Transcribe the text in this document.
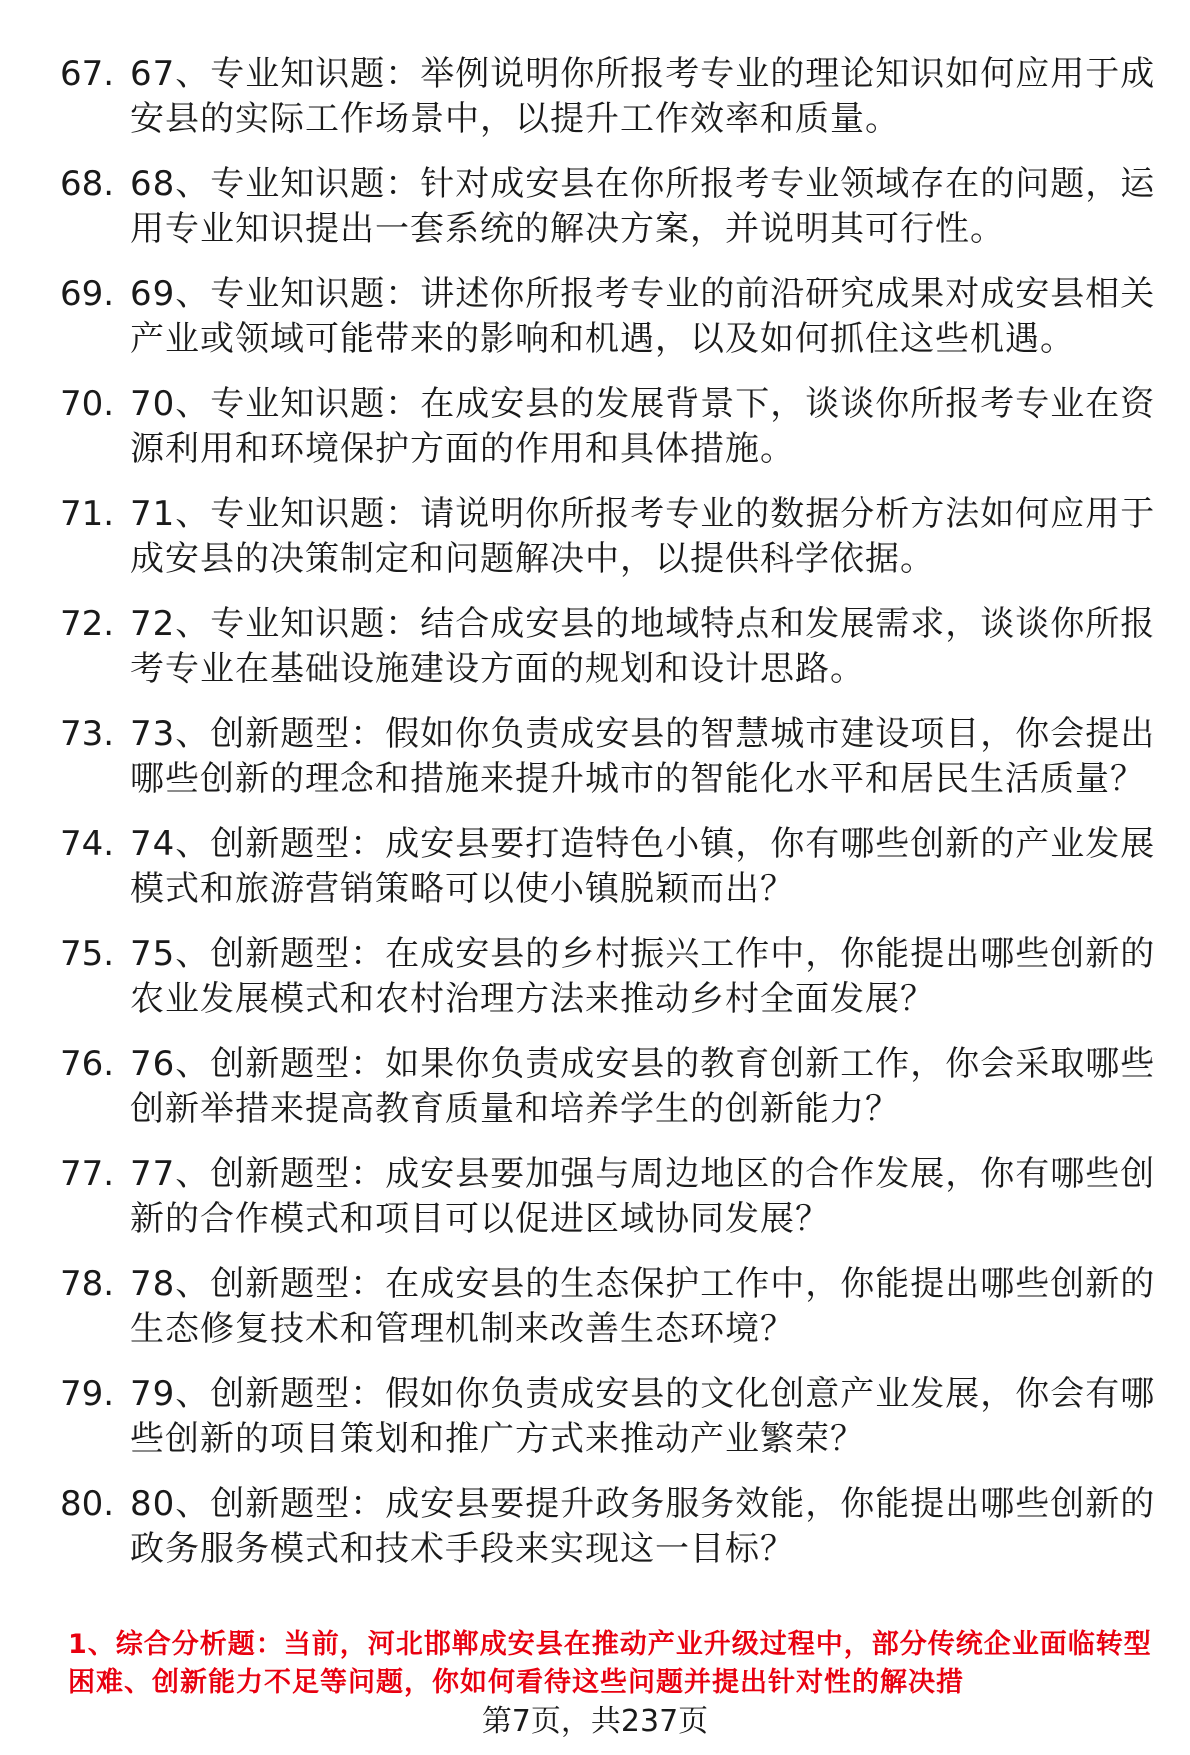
67. 67、专业知识题：举例说明你所报考专业的理论知识如何应用于成安县的实际工作场景中，以提升工作效率和质量。
68. 68、专业知识题：针对成安县在你所报考专业领域存在的问题，运用专业知识提出一套系统的解决方案，并说明其可行性。
69. 69、专业知识题：讲述你所报考专业的前沿研究成果对成安县相关产业或领域可能带来的影响和机遇，以及如何抓住这些机遇。
70. 70、专业知识题：在成安县的发展背景下，谈谈你所报考专业在资源利用和环境保护方面的作用和具体措施。
71. 71、专业知识题：请说明你所报考专业的数据分析方法如何应用于成安县的决策制定和问题解决中，以提供科学依据。
72. 72、专业知识题：结合成安县的地域特点和发展需求，谈谈你所报考专业在基础设施建设方面的规划和设计思路。
73. 73、创新题型：假如你负责成安县的智慧城市建设项目，你会提出哪些创新的理念和措施来提升城市的智能化水平和居民生活质量？
74. 74、创新题型：成安县要打造特色小镇，你有哪些创新的产业发展模式和旅游营销策略可以使小镇脱颖而出？
75. 75、创新题型：在成安县的乡村振兴工作中，你能提出哪些创新的农业发展模式和农村治理方法来推动乡村全面发展？
76. 76、创新题型：如果你负责成安县的教育创新工作，你会采取哪些创新举措来提高教育质量和培养学生的创新能力？
77. 77、创新题型：成安县要加强与周边地区的合作发展，你有哪些创新的合作模式和项目可以促进区域协同发展？
78. 78、创新题型：在成安县的生态保护工作中，你能提出哪些创新的生态修复技术和管理机制来改善生态环境？
79. 79、创新题型：假如你负责成安县的文化创意产业发展，你会有哪些创新的项目策划和推广方式来推动产业繁荣？
80. 80、创新题型：成安县要提升政务服务效能，你能提出哪些创新的政务服务模式和技术手段来实现这一目标？
1、综合分析题：当前，河北邯郸成安县在推动产业升级过程中，部分传统企业面临转型困难、创新能力不足等问题，你如何看待这些问题并提出针对性的解决措
第7页，共237页
